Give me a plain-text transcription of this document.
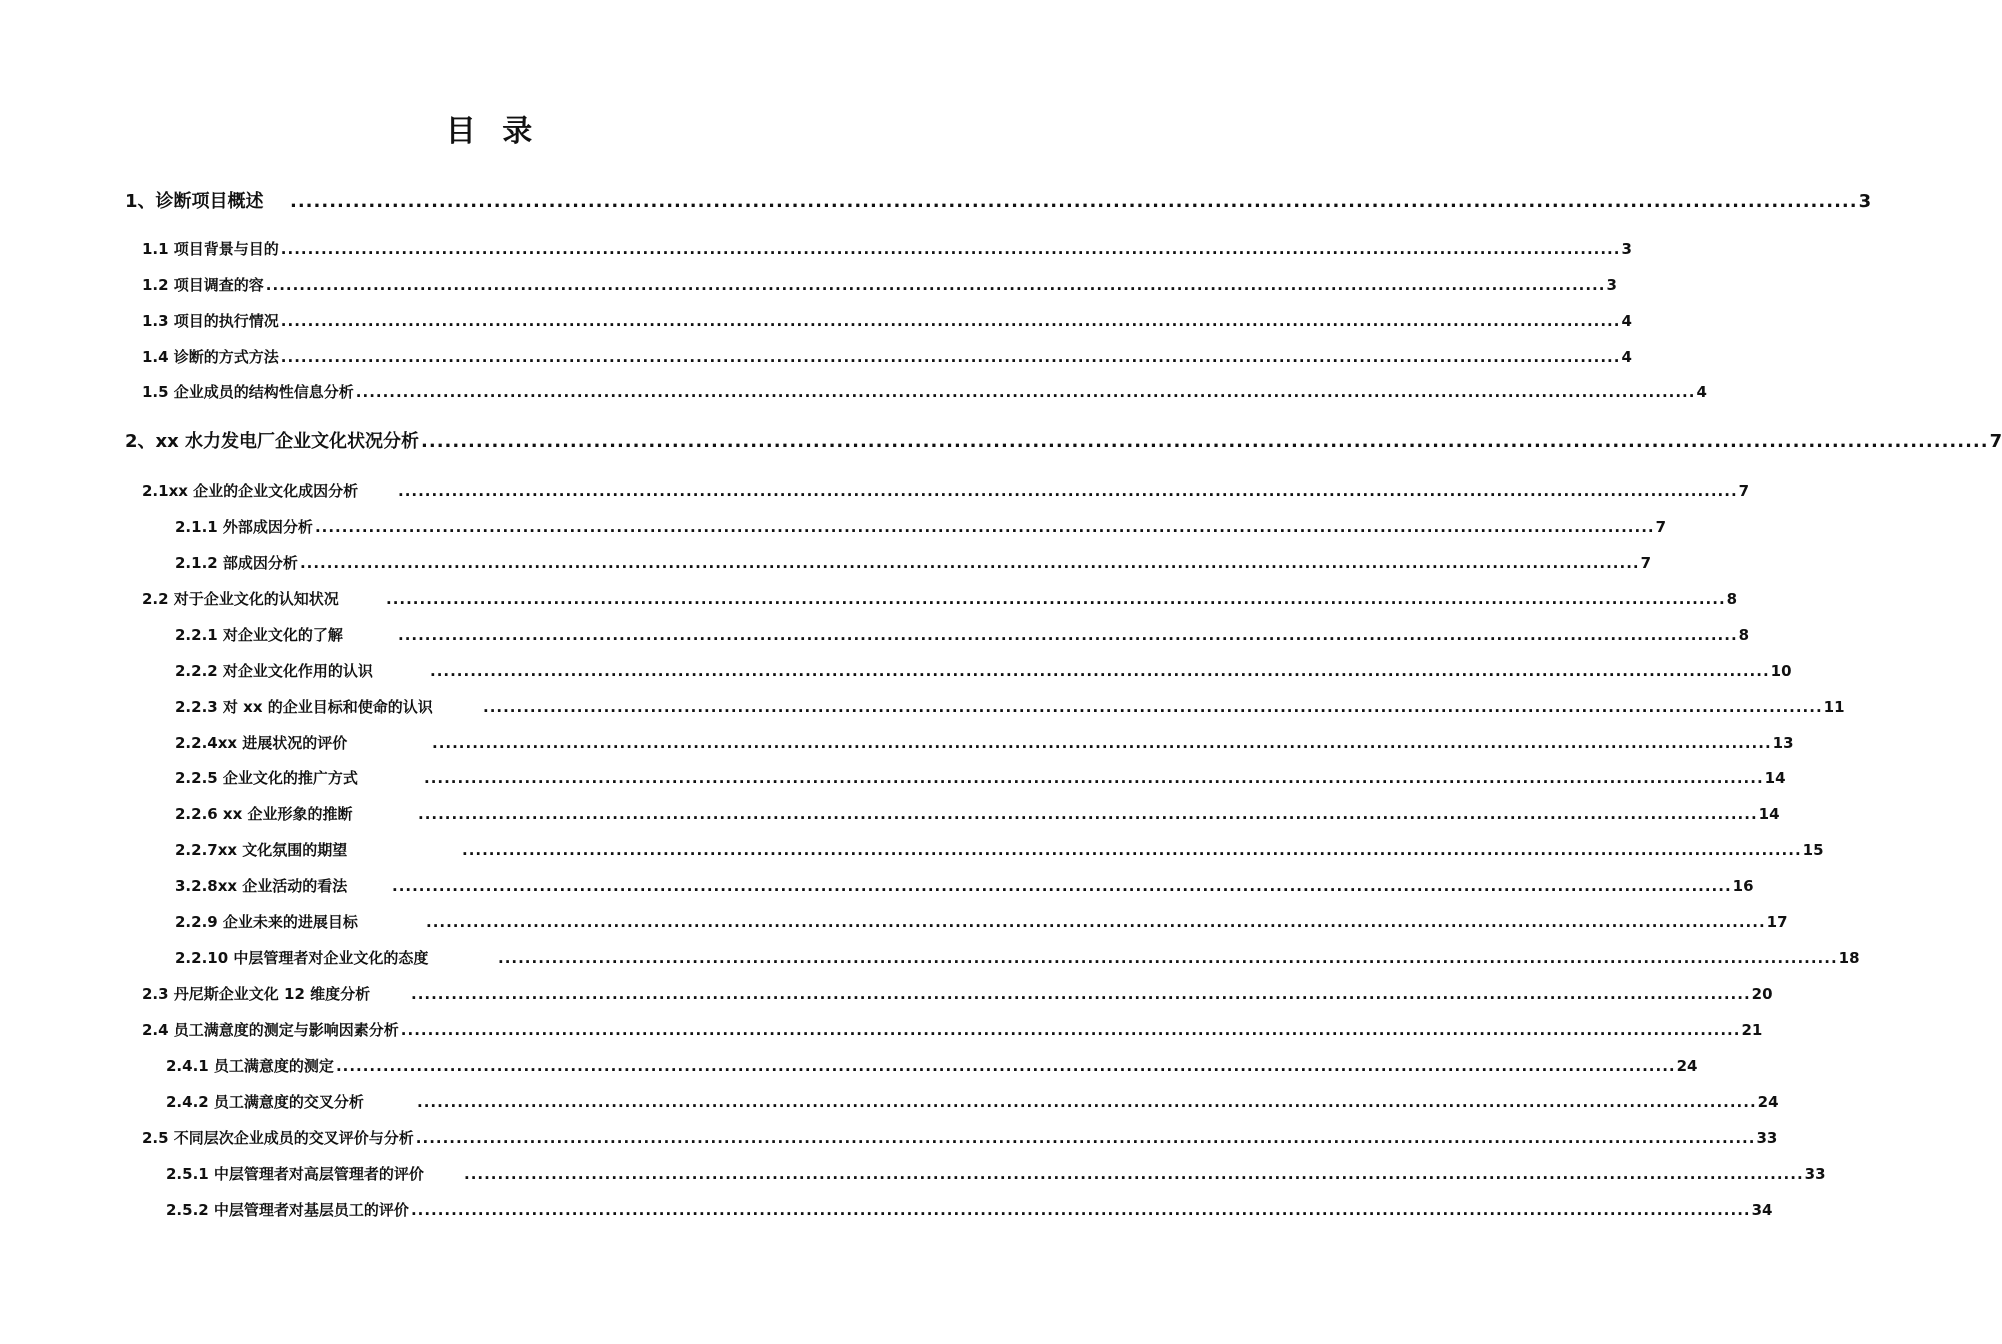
目 录
1、诊断项目概述	........................................................................................................................................................................................................ 3
1.1 项目背景与目的 ........................................................................................................................................................................................................ 3
1.2 项目调查的容 ........................................................................................................................................................................................................ 3
1.3 项目的执行情况 ........................................................................................................................................................................................................ 4
1.4 诊断的方式方法 ........................................................................................................................................................................................................ 4
1.5 企业成员的结构性信息分析 ........................................................................................................................................................................................................ 4
2、xx 水力发电厂企业文化状况分析 ........................................................................................................................................................................................................ 7
2.1xx 企业的企业文化成因分析	........................................................................................................................................................................................................ 7
2.1.1 外部成因分析 ........................................................................................................................................................................................................ 7
2.1.2 部成因分析 ........................................................................................................................................................................................................ 7
2.2 对于企业文化的认知状况	........................................................................................................................................................................................................ 8
2.2.1 对企业文化的了解	........................................................................................................................................................................................................ 8
2.2.2 对企业文化作用的认识	........................................................................................................................................................................................................ 10
2.2.3 对 xx 的企业目标和使命的认识	........................................................................................................................................................................................................ 11
2.2.4xx 进展状况的评价	........................................................................................................................................................................................................ 13
2.2.5 企业文化的推广方式	........................................................................................................................................................................................................ 14
2.2.6 xx 企业形象的推断	........................................................................................................................................................................................................ 14
2.2.7xx 文化氛围的期望	........................................................................................................................................................................................................ 15
3.2.8xx 企业活动的看法	........................................................................................................................................................................................................ 16
2.2.9 企业未来的进展目标	........................................................................................................................................................................................................ 17
2.2.10 中层管理者对企业文化的态度	........................................................................................................................................................................................................ 18
2.3 丹尼斯企业文化 12 维度分析	........................................................................................................................................................................................................ 20
2.4 员工满意度的测定与影响因素分析 ........................................................................................................................................................................................................ 21
2.4.1 员工满意度的测定 ........................................................................................................................................................................................................ 24
2.4.2 员工满意度的交叉分析	........................................................................................................................................................................................................ 24
2.5 不同层次企业成员的交叉评价与分析 ........................................................................................................................................................................................................ 33
2.5.1 中层管理者对高层管理者的评价	........................................................................................................................................................................................................ 33
2.5.2 中层管理者对基层员工的评价 ........................................................................................................................................................................................................ 34
